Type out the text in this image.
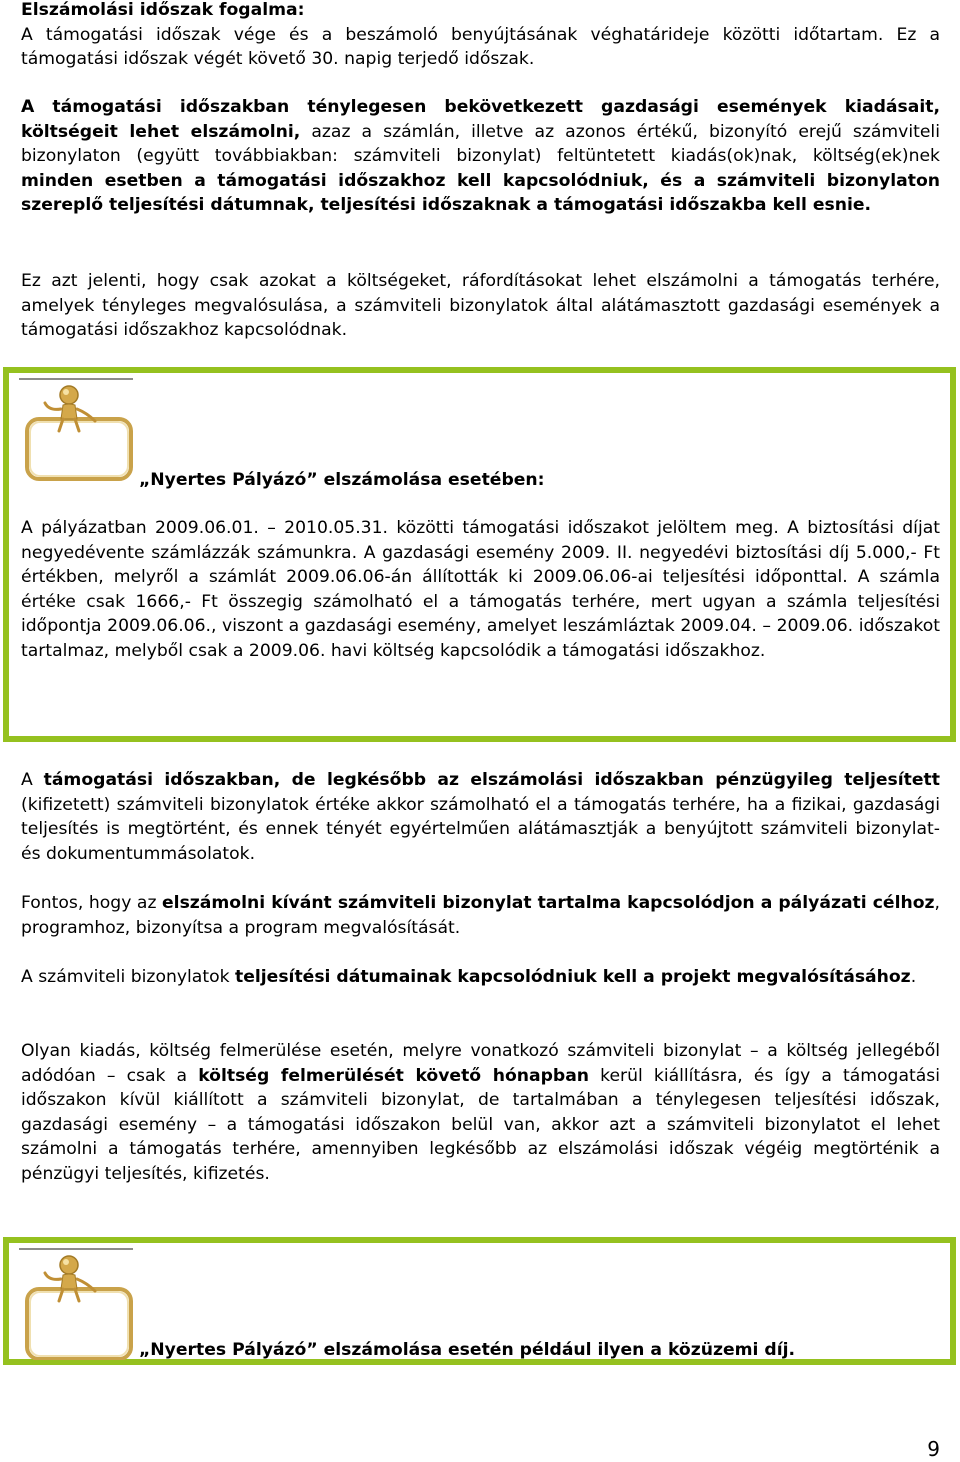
Elszámolási időszak fogalma:

A támogatási időszak vége és a beszámoló benyújtásának véghatárideje közötti időtartam. Ez a támogatási időszak végét követő 30. napig terjedő időszak.

A támogatási időszakban ténylegesen bekövetkezett gazdasági események kiadásait, költségeit lehet elszámolni, azaz a számlán, illetve az azonos értékű, bizonyító erejű számviteli bizonylaton (együtt továbbiakban: számviteli bizonylat) feltüntetett kiadás(ok)nak, költség(ek)nek minden esetben a támogatási időszakhoz kell kapcsolódniuk, és a számviteli bizonylaton szereplő teljesítési dátumnak, teljesítési időszaknak a támogatási időszakba kell esnie.

Ez azt jelenti, hogy csak azokat a költségeket, ráfordításokat lehet elszámolni a támogatás terhére, amelyek tényleges megvalósulása, a számviteli bizonylatok által alátámasztott gazdasági események a támogatási időszakhoz kapcsolódnak.

A támogatási időszakban, de legkésőbb az elszámolási időszakban pénzügyileg teljesített (kifizetett) számviteli bizonylatok értéke akkor számolható el a támogatás terhére, ha a fizikai, gazdasági teljesítés is megtörtént, és ennek tényét egyértelműen alátámasztják a benyújtott számviteli bizonylat- és dokumentummásolatok.

Fontos, hogy az elszámolni kívánt számviteli bizonylat tartalma kapcsolódjon a pályázati célhoz, programhoz, bizonyítsa a program megvalósítását.

A számviteli bizonylatok teljesítési dátumainak kapcsolódniuk kell a projekt megvalósításához.

Olyan kiadás, költség felmerülése esetén, melyre vonatkozó számviteli bizonylat – a költség jellegéből adódóan – csak a költség felmerülését követő hónapban kerül kiállításra, és így a támogatási időszakon kívül kiállított a számviteli bizonylat, de tartalmában a ténylegesen teljesítési időszak, gazdasági esemény – a támogatási időszakon belül van, akkor azt a számviteli bizonylatot el lehet számolni a támogatás terhére, amennyiben legkésőbb az elszámolási időszak végéig megtörténik a pénzügyi teljesítés, kifizetés.

„Nyertes Pályázó” elszámolása esetében:

A pályázatban 2009.06.01. – 2010.05.31. közötti támogatási időszakot jelöltem meg. A biztosítási díjat negyedévente számlázzák számunkra. A gazdasági esemény 2009. II. negyedévi biztosítási díj 5.000,- Ft értékben, melyről a számlát 2009.06.06-án állították ki 2009.06.06-ai teljesítési időponttal. A számla értéke csak 1666,- Ft összegig számolható el a támogatás terhére, mert ugyan a számla teljesítési időpontja 2009.06.06., viszont a gazdasági esemény, amelyet leszámláztak 2009.04. – 2009.06. időszakot tartalmaz, melyből csak a 2009.06. havi költség kapcsolódik a támogatási időszakhoz.

„Nyertes Pályázó” elszámolása esetén például ilyen a közüzemi díj.
9
